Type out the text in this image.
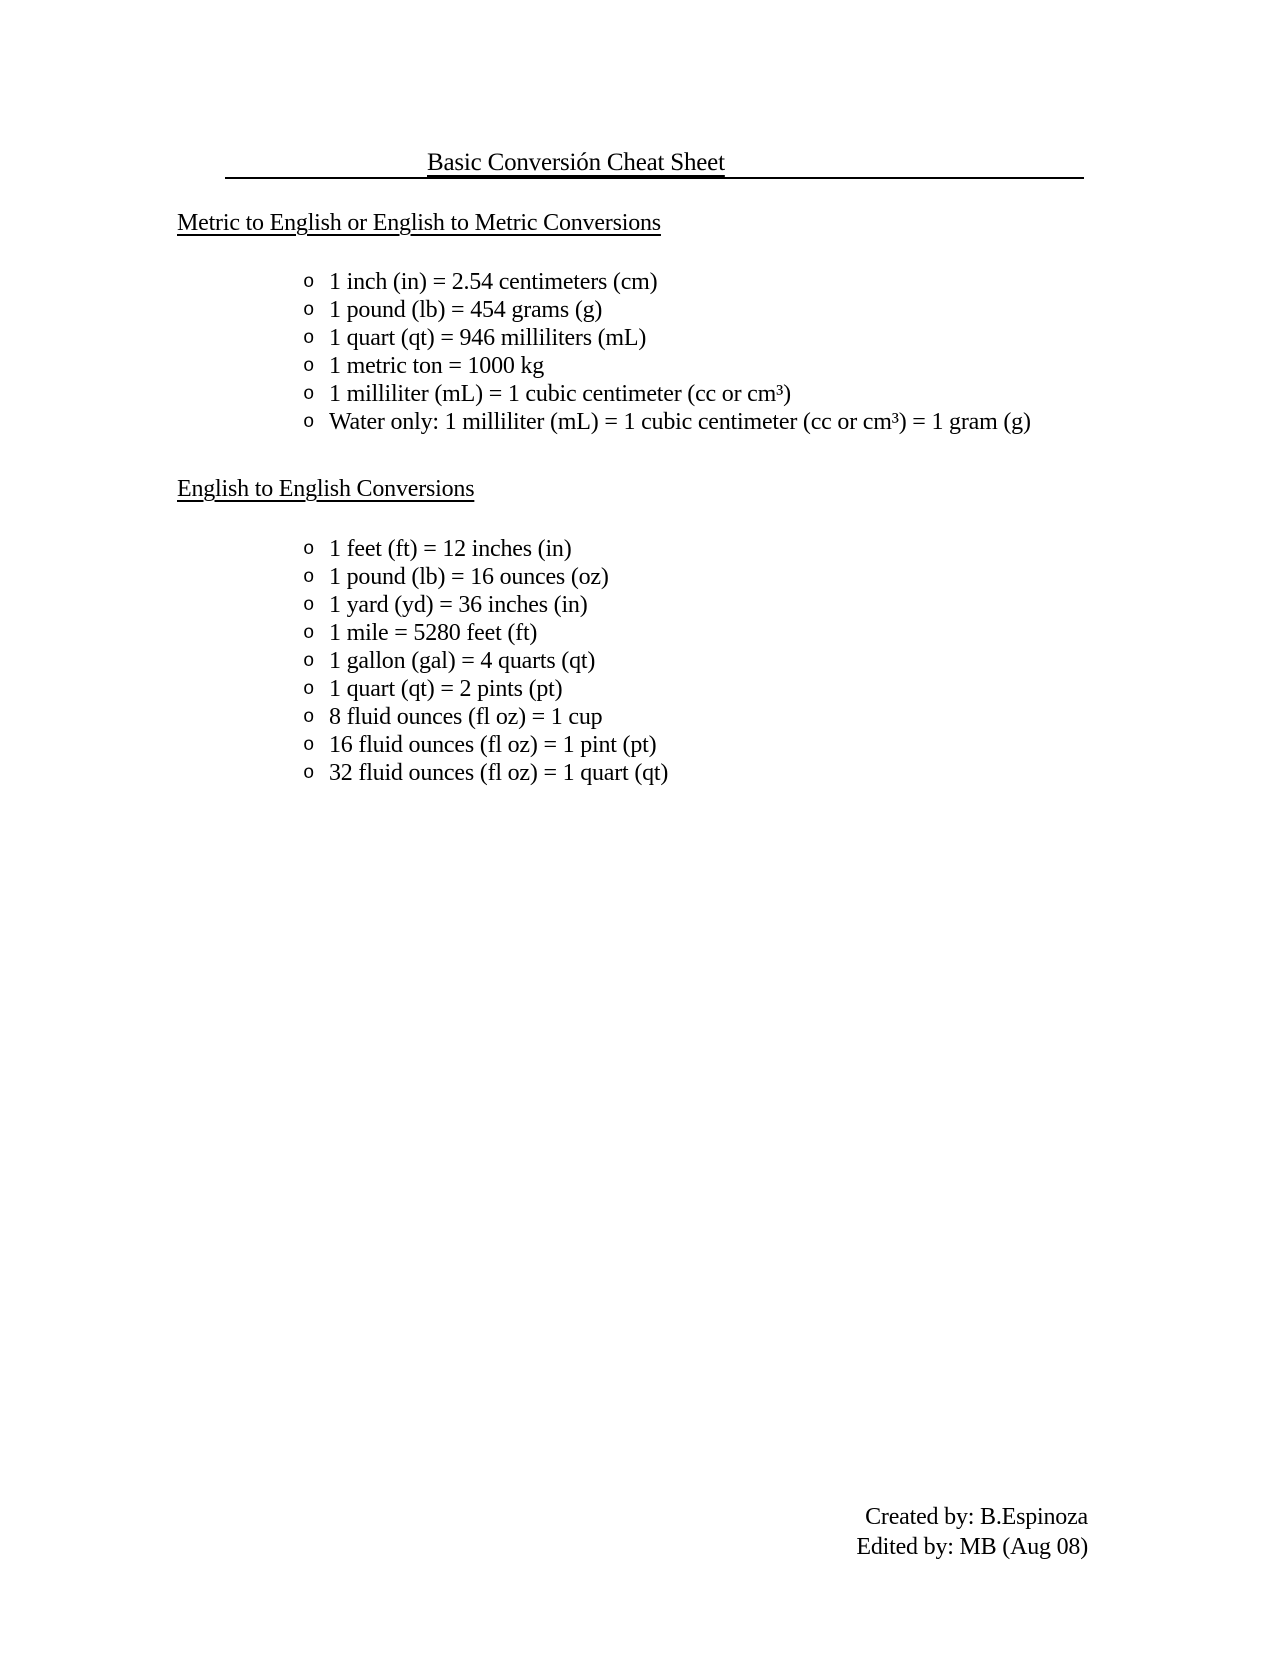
Basic Conversión Cheat Sheet
Metric to English or English to Metric Conversions
o 1 inch (in) = 2.54 centimeters (cm)
o 1 pound (lb) = 454 grams (g)
o 1 quart (qt) = 946 milliliters (mL)
o 1 metric ton = 1000 kg
o 1 milliliter (mL) = 1 cubic centimeter (cc or cm³)
o Water only: 1 milliliter (mL) = 1 cubic centimeter (cc or cm³) = 1 gram (g)
English to English Conversions
o 1 feet (ft) = 12 inches (in)
o 1 pound (lb) = 16 ounces (oz)
o 1 yard (yd) = 36 inches (in)
o 1 mile = 5280 feet (ft)
o 1 gallon (gal) = 4 quarts (qt)
o 1 quart (qt) = 2 pints (pt)
o 8 fluid ounces (fl oz) = 1 cup
o 16 fluid ounces (fl oz) = 1 pint (pt)
o 32 fluid ounces (fl oz) = 1 quart (qt)
Created by: B.Espinoza
Edited by: MB (Aug 08)
